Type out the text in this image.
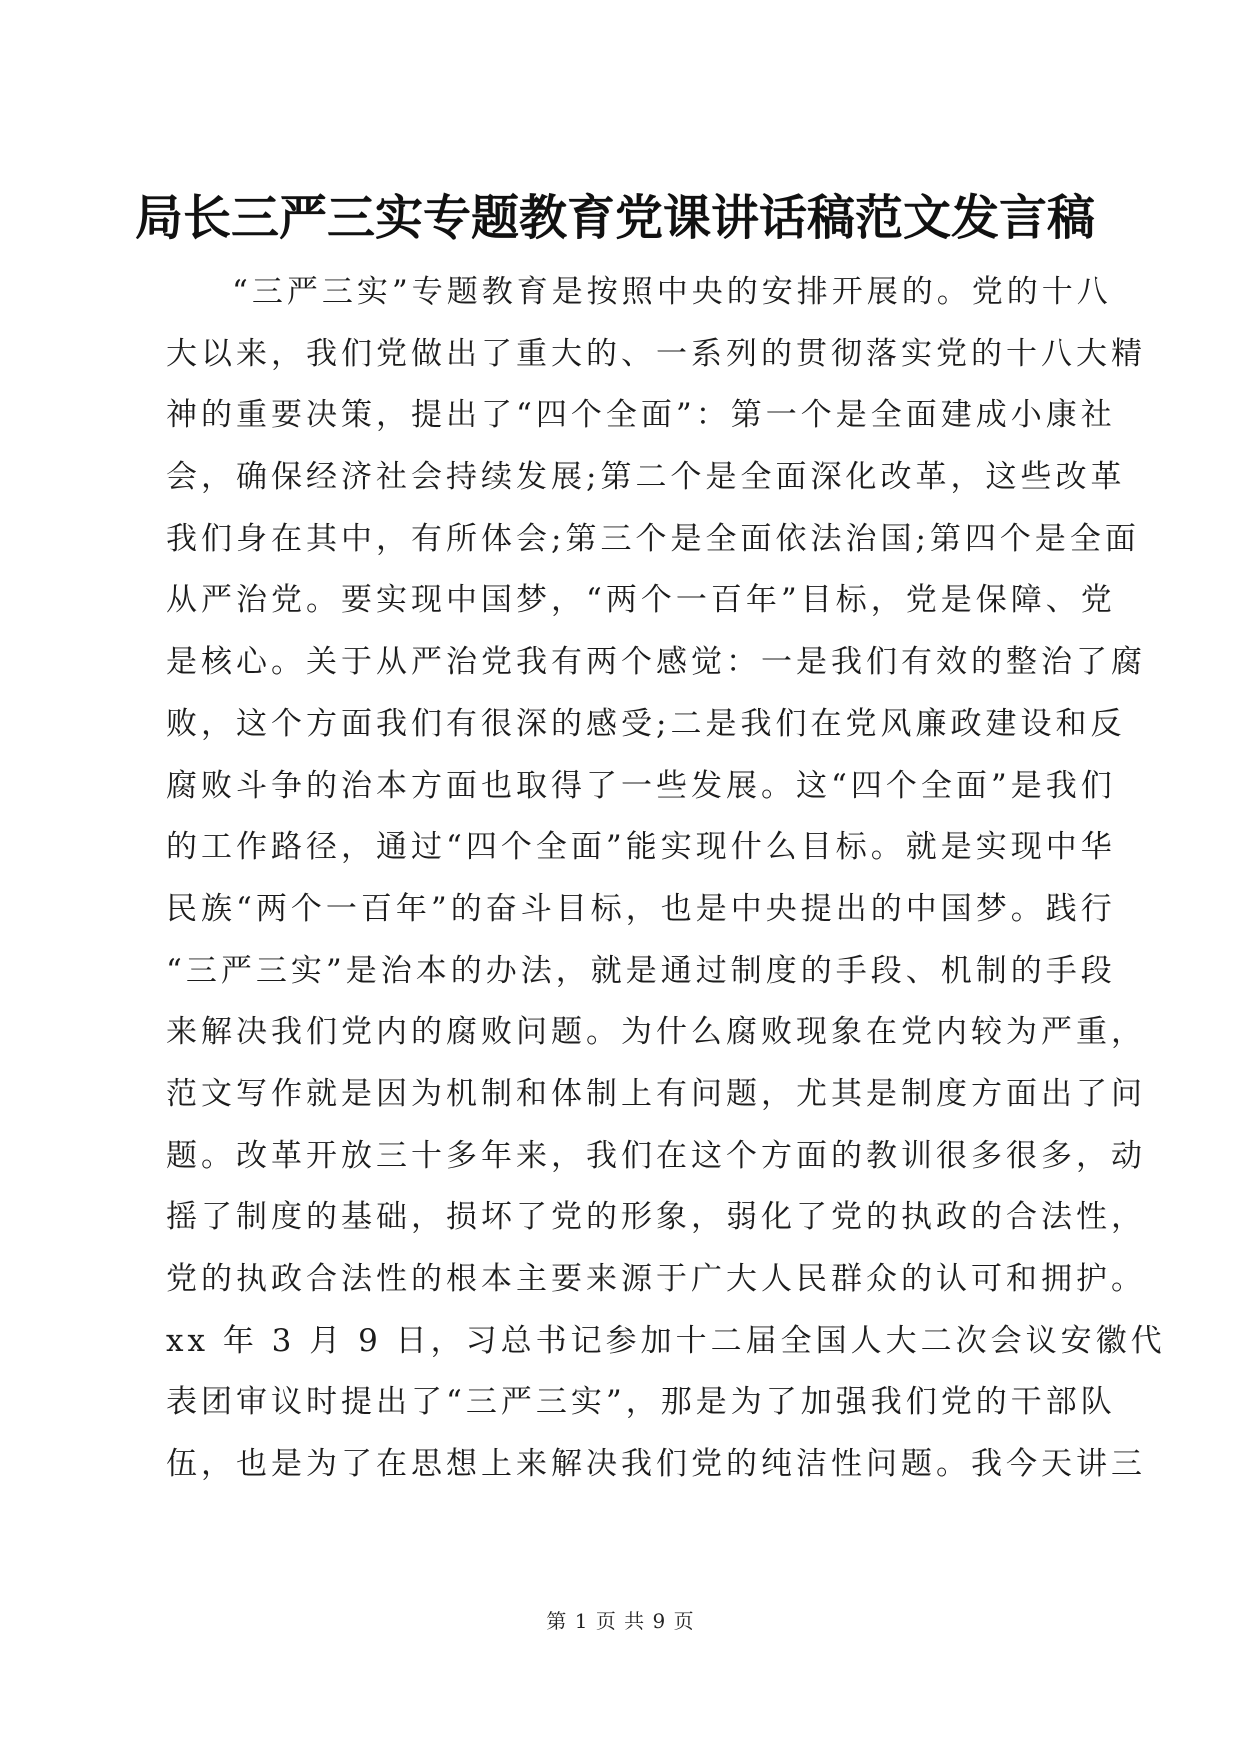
局长三严三实专题教育党课讲话稿范文发言稿
“三严三实”专题教育是按照中央的安排开展的。党的十八
大以来，我们党做出了重大的、一系列的贯彻落实党的十八大精
神的重要决策，提出了“四个全面”：第一个是全面建成小康社
会，确保经济社会持续发展;第二个是全面深化改革，这些改革
我们身在其中，有所体会;第三个是全面依法治国;第四个是全面
从严治党。要实现中国梦，“两个一百年”目标，党是保障、党
是核心。关于从严治党我有两个感觉：一是我们有效的整治了腐
败，这个方面我们有很深的感受;二是我们在党风廉政建设和反
腐败斗争的治本方面也取得了一些发展。这“四个全面”是我们
的工作路径，通过“四个全面”能实现什么目标。就是实现中华
民族“两个一百年”的奋斗目标，也是中央提出的中国梦。践行
“三严三实”是治本的办法，就是通过制度的手段、机制的手段
来解决我们党内的腐败问题。为什么腐败现象在党内较为严重，
范文写作就是因为机制和体制上有问题，尤其是制度方面出了问
题。改革开放三十多年来，我们在这个方面的教训很多很多，动
摇了制度的基础，损坏了党的形象，弱化了党的执政的合法性，
党的执政合法性的根本主要来源于广大人民群众的认可和拥护。
xx 年 3 月 9 日，习总书记参加十二届全国人大二次会议安徽代
表团审议时提出了“三严三实”，那是为了加强我们党的干部队
伍，也是为了在思想上来解决我们党的纯洁性问题。我今天讲三
第 1 页 共 9 页
